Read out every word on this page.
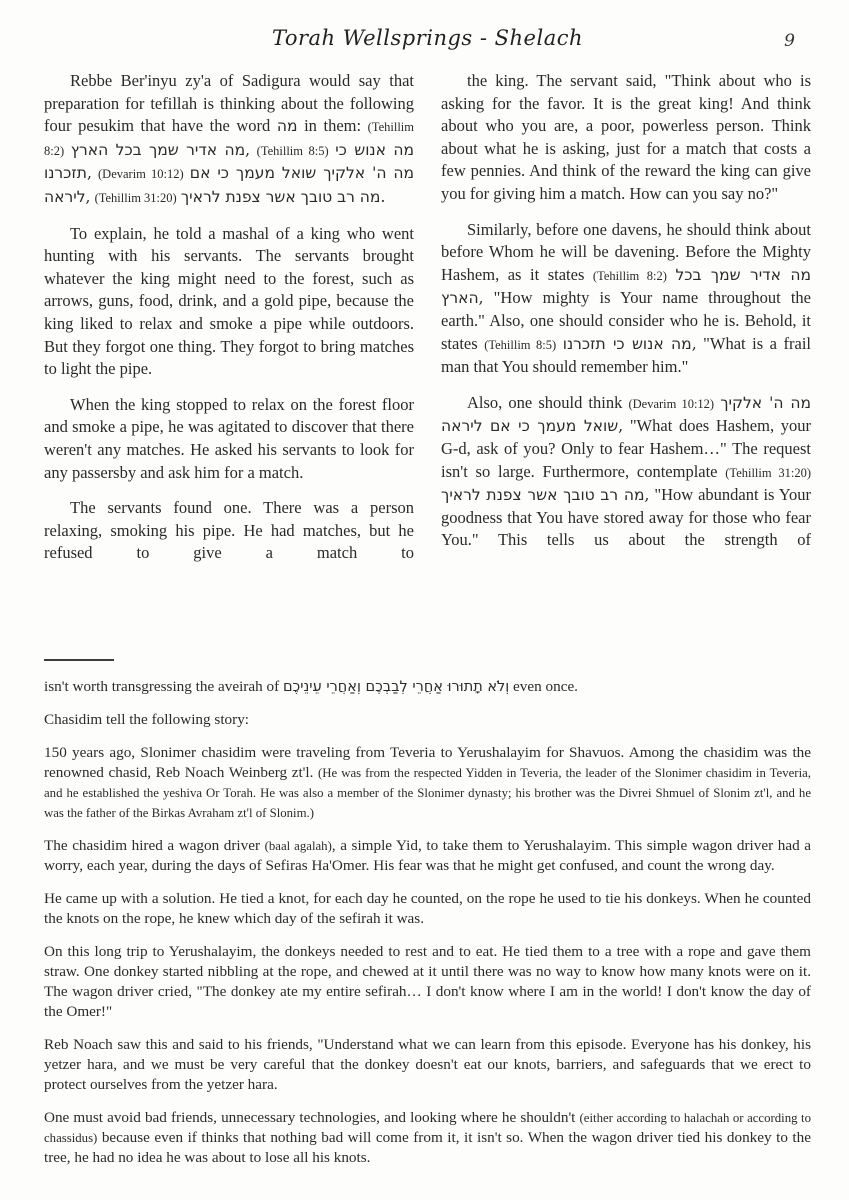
Torah Wellsprings - Shelach	9

Rebbe Ber'inyu zy'a of Sadigura would say that preparation for tefillah is thinking about the following four pesukim that have the word מה in them: (Tehillim 8:2) מה אדיר שמך בכל הארץ, (Tehillim 8:5) מה אנוש כי תזכרנו, (Devarim 10:12) מה ה' אלקיך שואל מעמך כי אם ליראה, (Tehillim 31:20) מה רב טובך אשר צפנת לראיך.

To explain, he told a mashal of a king who went hunting with his servants. The servants brought whatever the king might need to the forest, such as arrows, guns, food, drink, and a gold pipe, because the king liked to relax and smoke a pipe while outdoors. But they forgot one thing. They forgot to bring matches to light the pipe.

When the king stopped to relax on the forest floor and smoke a pipe, he was agitated to discover that there weren't any matches. He asked his servants to look for any passersby and ask him for a match.

The servants found one. There was a person relaxing, smoking his pipe. He had matches, but he refused to give a match to

the king. The servant said, "Think about who is asking for the favor. It is the great king! And think about who you are, a poor, powerless person. Think about what he is asking, just for a match that costs a few pennies. And think of the reward the king can give you for giving him a match. How can you say no?"

Similarly, before one davens, he should think about before Whom he will be davening. Before the Mighty Hashem, as it states (Tehillim 8:2) מה אדיר שמך בכל הארץ, "How mighty is Your name throughout the earth." Also, one should consider who he is. Behold, it states (Tehillim 8:5) מה אנוש כי תזכרנו, "What is a frail man that You should remember him."

Also, one should think (Devarim 10:12) מה ה' אלקיך שואל מעמך כי אם ליראה, "What does Hashem, your G-d, ask of you? Only to fear Hashem…" The request isn't so large. Furthermore, contemplate (Tehillim 31:20) מה רב טובך אשר צפנת לראיך, "How abundant is Your goodness that You have stored away for those who fear You." This tells us about the strength of

isn't worth transgressing the aveirah of וְלֹא תָתוּרוּ אַחֲרֵי לְבַבְכֶם וְאַחֲרֵי עֵינֵיכֶם even once.

Chasidim tell the following story:

150 years ago, Slonimer chasidim were traveling from Teveria to Yerushalayim for Shavuos. Among the chasidim was the renowned chasid, Reb Noach Weinberg zt'l. (He was from the respected Yidden in Teveria, the leader of the Slonimer chasidim in Teveria, and he established the yeshiva Or Torah. He was also a member of the Slonimer dynasty; his brother was the Divrei Shmuel of Slonim zt'l, and he was the father of the Birkas Avraham zt'l of Slonim.)

The chasidim hired a wagon driver (baal agalah), a simple Yid, to take them to Yerushalayim. This simple wagon driver had a worry, each year, during the days of Sefiras Ha'Omer. His fear was that he might get confused, and count the wrong day.

He came up with a solution. He tied a knot, for each day he counted, on the rope he used to tie his donkeys. When he counted the knots on the rope, he knew which day of the sefirah it was.

On this long trip to Yerushalayim, the donkeys needed to rest and to eat. He tied them to a tree with a rope and gave them straw. One donkey started nibbling at the rope, and chewed at it until there was no way to know how many knots were on it. The wagon driver cried, "The donkey ate my entire sefirah… I don't know where I am in the world! I don't know the day of the Omer!"

Reb Noach saw this and said to his friends, "Understand what we can learn from this episode. Everyone has his donkey, his yetzer hara, and we must be very careful that the donkey doesn't eat our knots, barriers, and safeguards that we erect to protect ourselves from the yetzer hara.

One must avoid bad friends, unnecessary technologies, and looking where he shouldn't (either according to halachah or according to chassidus) because even if thinks that nothing bad will come from it, it isn't so. When the wagon driver tied his donkey to the tree, he had no idea he was about to lose all his knots.
